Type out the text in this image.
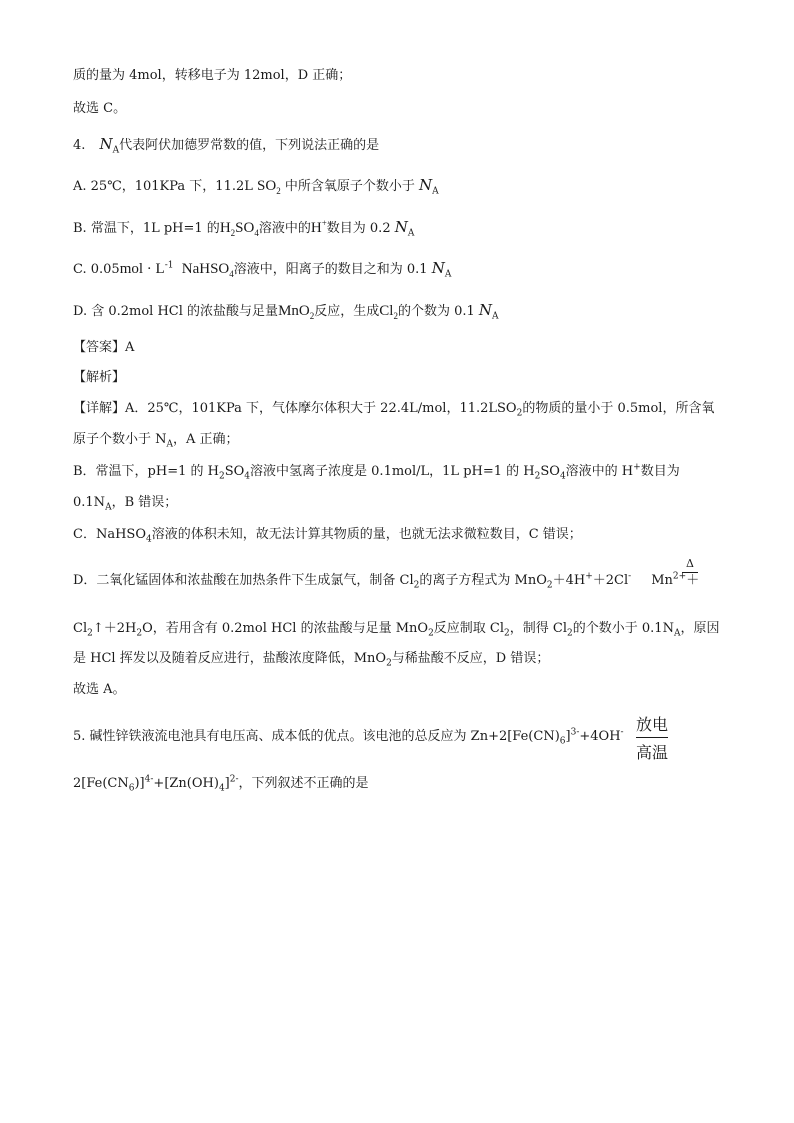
质的量为 4mol，转移电子为 12mol，D 正确；
故选 C。
4. $N_A$代表阿伏加德罗常数的值，下列说法正确的是
A. 25℃，101KPa 下，11.2L $SO_2$ 中所含氧原子个数小于 $N_A$
B. 常温下，1L pH=1 的$H_2SO_4$溶液中的H+数目为 0.2 $N_A$
C. $0.05mol \cdot L^{-1}$ NaHSO$_4$溶液中，阳离子的数目之和为 0.1 $N_A$
D. 含 0.2mol HCl 的浓盐酸与足量MnO$_2$反应，生成$Cl_2$的个数为 0.1 $N_A$
【答案】A
【解析】
【详解】A．25℃，101KPa 下，气体摩尔体积大于 22.4L/mol，$11.2LSO_2$的物质的量小于 0.5mol，所含氧
原子个数小于 $N_A$，A 正确；
B．常温下，pH=1 的 $H_2SO_4$溶液中氢离子浓度是 0.1mol/L，1L pH=1 的 $H_2SO_4$溶液中的 H+数目为
$0.1N_A$，B 错误；
C．NaHSO$_4$溶液的体积未知，故无法计算其物质的量，也就无法求微粒数目，C 错误；
Δ
D．二氧化锰固体和浓盐酸在加热条件下生成氯气，制备 $Cl_2$的离子方程式为 MnO$_2$＋4H+＋2Cl- $Mn^{2+}+$
$Cl_2↑+2H_2O$，若用含有 0.2mol HCl 的浓盐酸与足量 MnO$_2$反应制取 $Cl_2$，制得 $Cl_2$的个数小于 $0.1N_A$，原因
是 HCl 挥发以及随着反应进行，盐酸浓度降低，MnO$_2$与稀盐酸不反应，D 错误；
故选 A。
5. 碱性锌铁液流电池具有电压高、成本低的优点。该电池的总反应为 $Zn+2[Fe(CN)_6]^{3-}+4OH^-$ 放电
高温
$2[Fe(CN_6)]^{4-}+[Zn(OH)_4]^{2-}$，下列叙述不正确的是
